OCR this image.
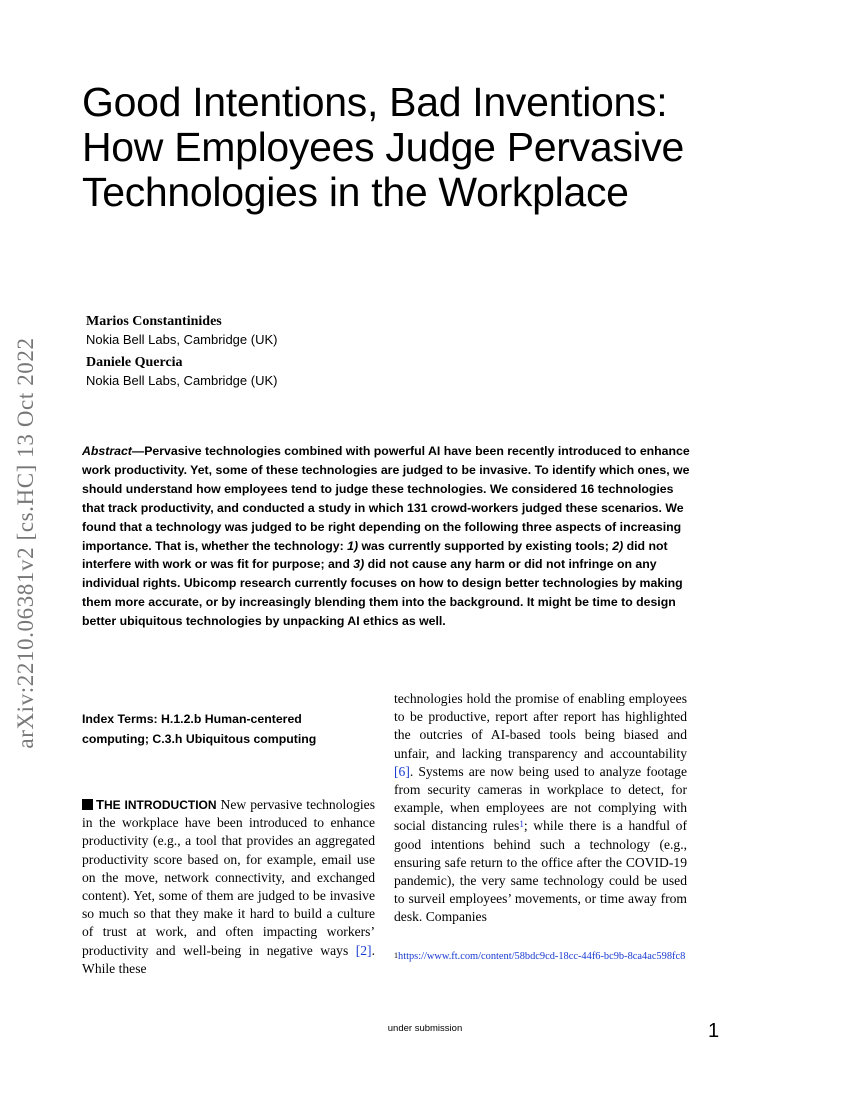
arXiv:2210.06381v2 [cs.HC] 13 Oct 2022
Good Intentions, Bad Inventions: How Employees Judge Pervasive Technologies in the Workplace
Marios Constantinides
Nokia Bell Labs, Cambridge (UK)
Daniele Quercia
Nokia Bell Labs, Cambridge (UK)

Abstract—Pervasive technologies combined with powerful AI have been recently introduced to enhance work productivity. Yet, some of these technologies are judged to be invasive. To identify which ones, we should understand how employees tend to judge these technologies. We considered 16 technologies that track productivity, and conducted a study in which 131 crowd-workers judged these scenarios. We found that a technology was judged to be right depending on the following three aspects of increasing importance. That is, whether the technology: 1) was currently supported by existing tools; 2) did not interfere with work or was fit for purpose; and 3) did not cause any harm or did not infringe on any individual rights. Ubicomp research currently focuses on how to design better technologies by making them more accurate, or by increasingly blending them into the background. It might be time to design better ubiquitous technologies by unpacking AI ethics as well.

Index Terms: H.1.2.b Human-centered computing; C.3.h Ubiquitous computing

THE INTRODUCTION New pervasive technologies in the workplace have been introduced to enhance productivity (e.g., a tool that provides an aggregated productivity score based on, for example, email use on the move, network connectivity, and exchanged content). Yet, some of them are judged to be invasive so much so that they make it hard to build a culture of trust at work, and often impacting workers’ productivity and well-being in negative ways [2]. While these

technologies hold the promise of enabling employees to be productive, report after report has highlighted the outcries of AI-based tools being biased and unfair, and lacking transparency and accountability [6]. Systems are now being used to analyze footage from security cameras in workplace to detect, for example, when employees are not complying with social distancing rules$^1$; while there is a handful of good intentions behind such a technology (e.g., ensuring safe return to the office after the COVID-19 pandemic), the very same technology could be used to surveil employees’ movements, or time away from desk. Companies

$^1$https://www.ft.com/content/58bdc9cd-18cc-44f6-bc9b-8ca4ac598fc8
under submission	1
